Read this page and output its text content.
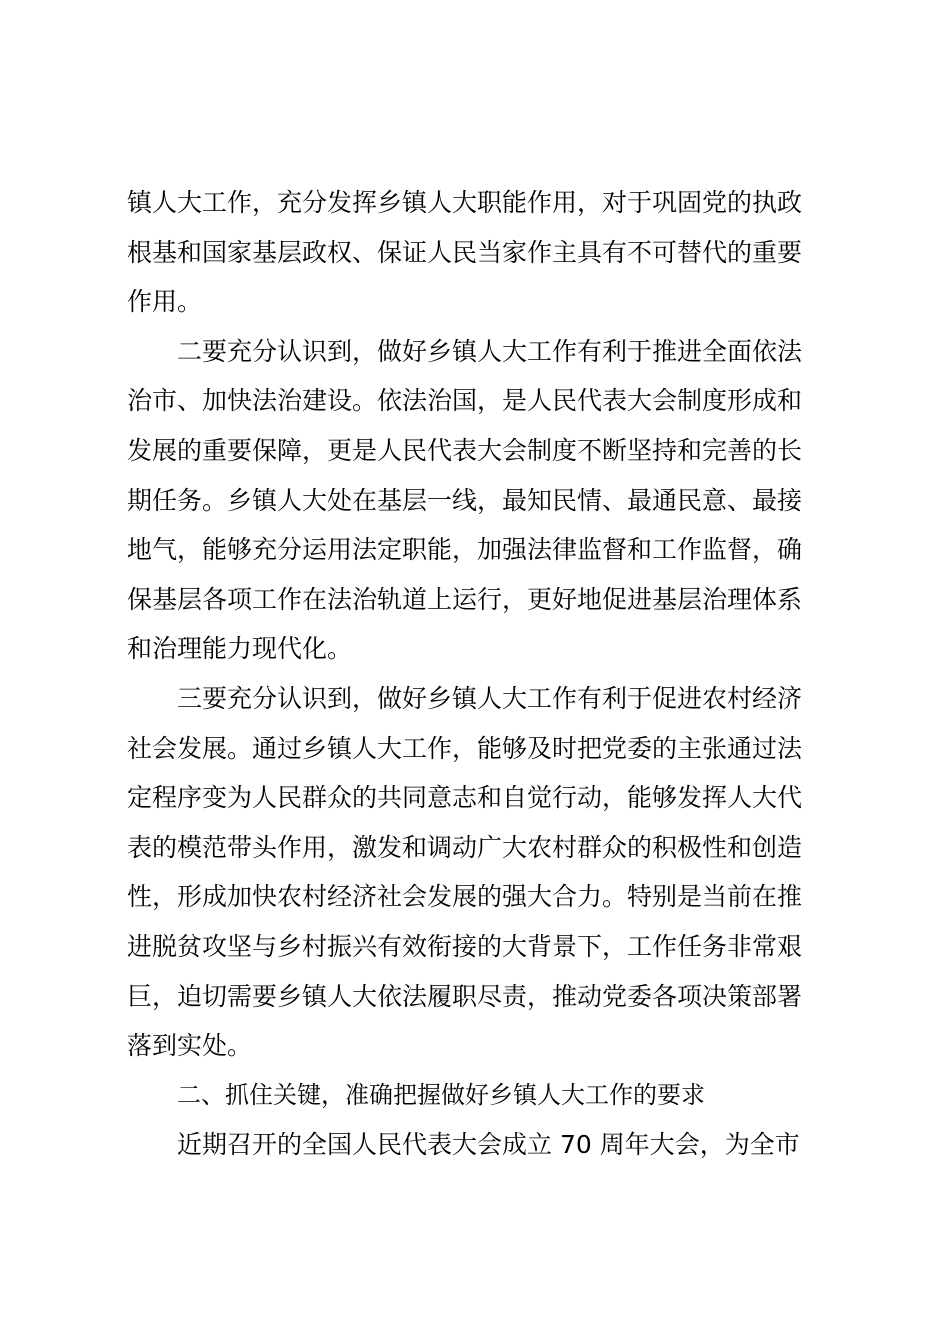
镇人大工作，充分发挥乡镇人大职能作用，对于巩固党的执政
根基和国家基层政权、保证人民当家作主具有不可替代的重要
作用。
二要充分认识到，做好乡镇人大工作有利于推进全面依法
治市、加快法治建设。依法治国，是人民代表大会制度形成和
发展的重要保障，更是人民代表大会制度不断坚持和完善的长
期任务。乡镇人大处在基层一线，最知民情、最通民意、最接
地气，能够充分运用法定职能，加强法律监督和工作监督，确
保基层各项工作在法治轨道上运行，更好地促进基层治理体系
和治理能力现代化。
三要充分认识到，做好乡镇人大工作有利于促进农村经济
社会发展。通过乡镇人大工作，能够及时把党委的主张通过法
定程序变为人民群众的共同意志和自觉行动，能够发挥人大代
表的模范带头作用，激发和调动广大农村群众的积极性和创造
性，形成加快农村经济社会发展的强大合力。特别是当前在推
进脱贫攻坚与乡村振兴有效衔接的大背景下，工作任务非常艰
巨，迫切需要乡镇人大依法履职尽责，推动党委各项决策部署
落到实处。
二、抓住关键，准确把握做好乡镇人大工作的要求
近期召开的全国人民代表大会成立 70 周年大会，为全市
